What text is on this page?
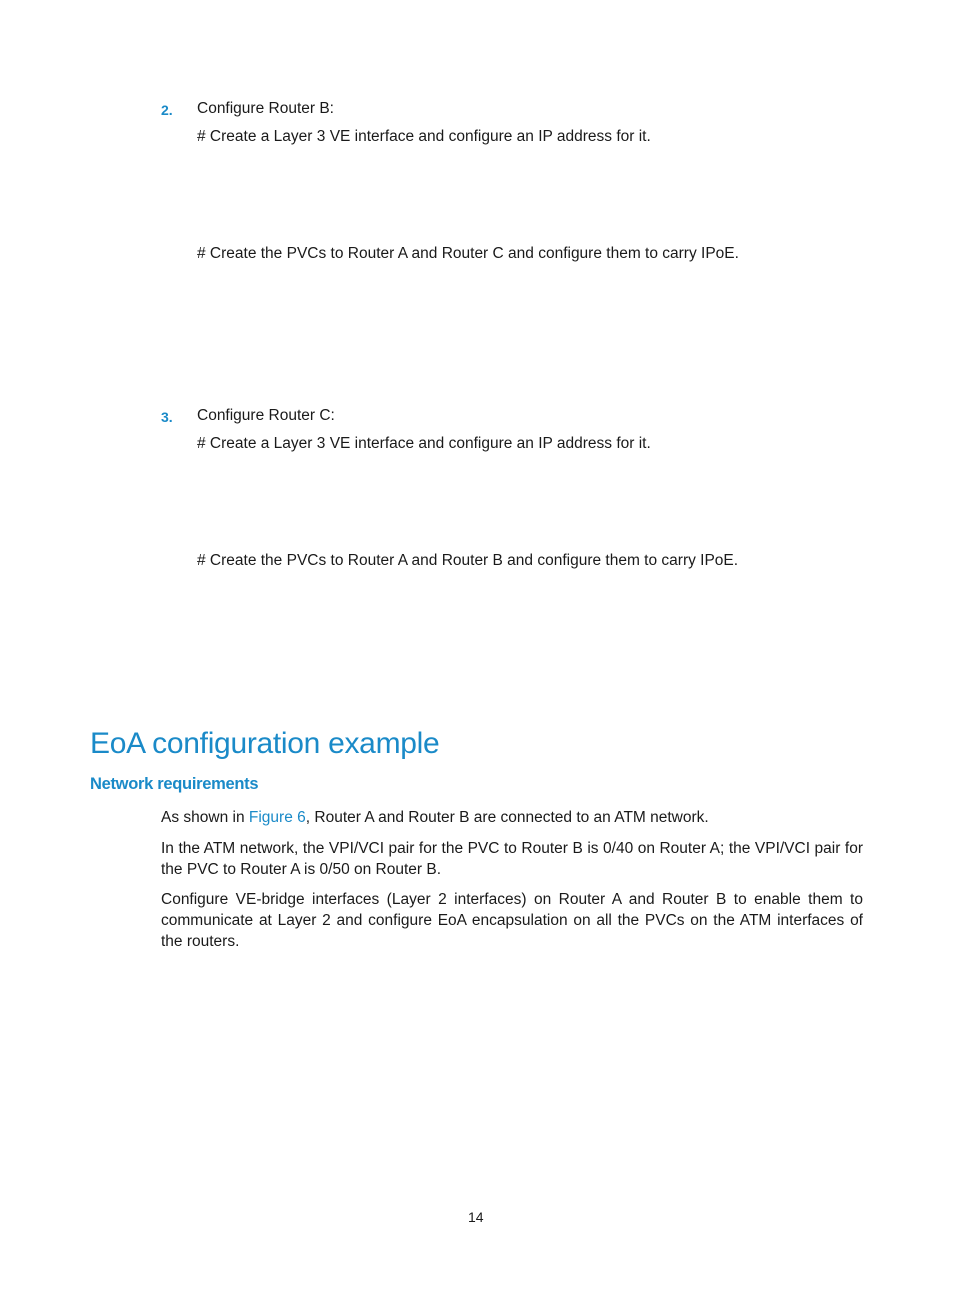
2. Configure Router B:
# Create a Layer 3 VE interface and configure an IP address for it.
# Create the PVCs to Router A and Router C and configure them to carry IPoE.
3. Configure Router C:
# Create a Layer 3 VE interface and configure an IP address for it.
# Create the PVCs to Router A and Router B and configure them to carry IPoE.
EoA configuration example
Network requirements
As shown in Figure 6, Router A and Router B are connected to an ATM network.
In the ATM network, the VPI/VCI pair for the PVC to Router B is 0/40 on Router A; the VPI/VCI pair for the PVC to Router A is 0/50 on Router B.
Configure VE-bridge interfaces (Layer 2 interfaces) on Router A and Router B to enable them to communicate at Layer 2 and configure EoA encapsulation on all the PVCs on the ATM interfaces of the routers.
14
